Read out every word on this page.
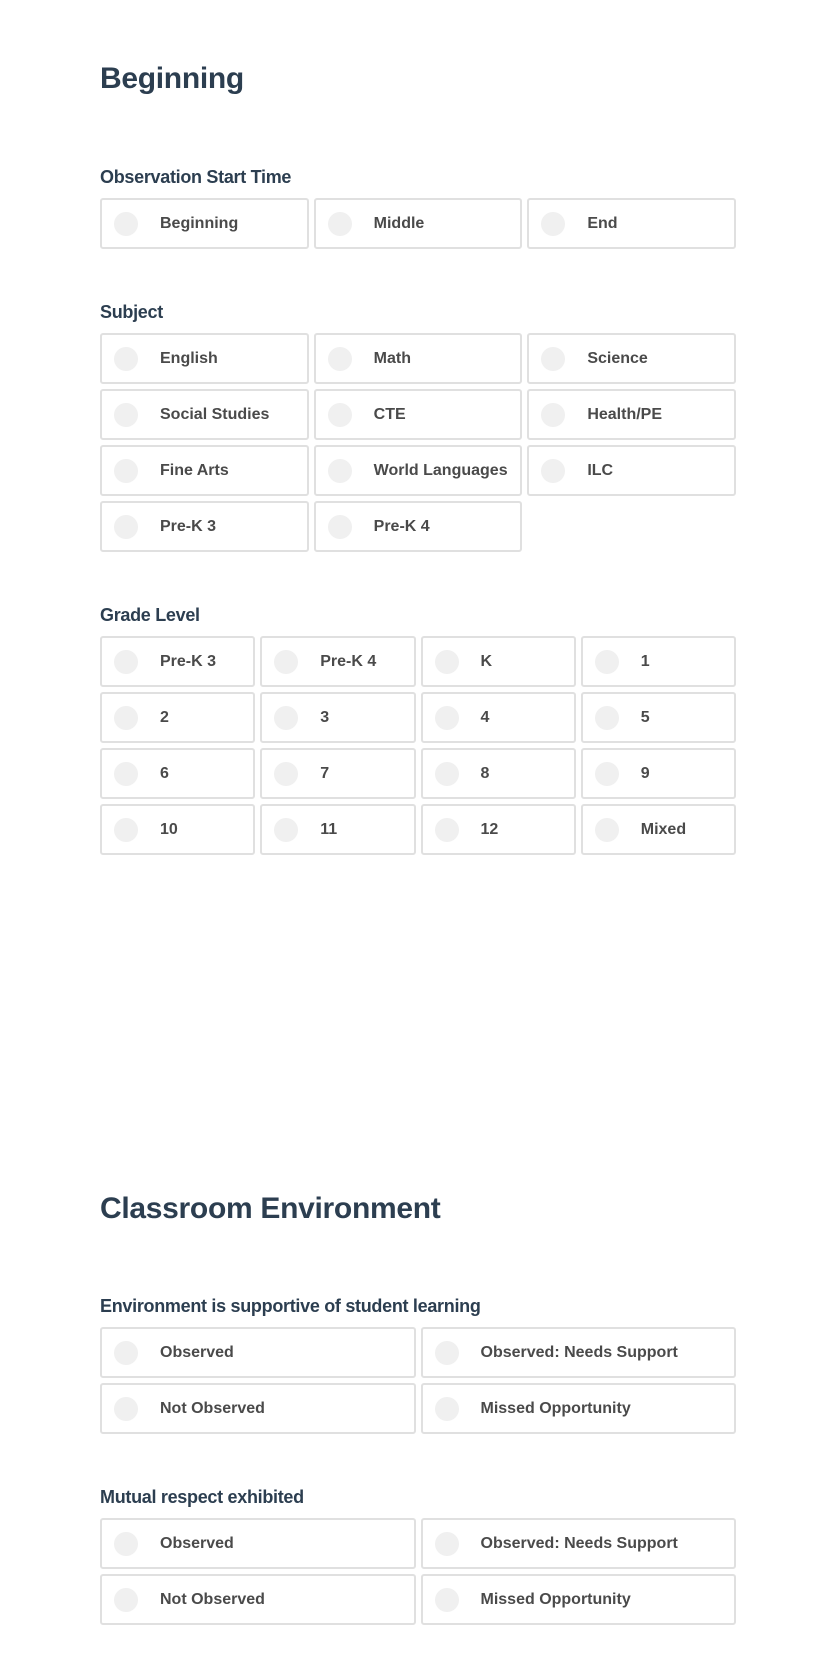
Beginning
Observation Start Time
Beginning	Middle	End
Subject
English	Math	Science
Social Studies	CTE	Health/PE
Fine Arts	World Languages	ILC
Pre-K 3	Pre-K 4
Grade Level
Pre-K 3	Pre-K 4	K	1
2	3	4	5
6	7	8	9
10	11	12	Mixed
Classroom Environment
Environment is supportive of student learning
Observed	Observed: Needs Support
Not Observed	Missed Opportunity
Mutual respect exhibited
Observed	Observed: Needs Support
Not Observed	Missed Opportunity
